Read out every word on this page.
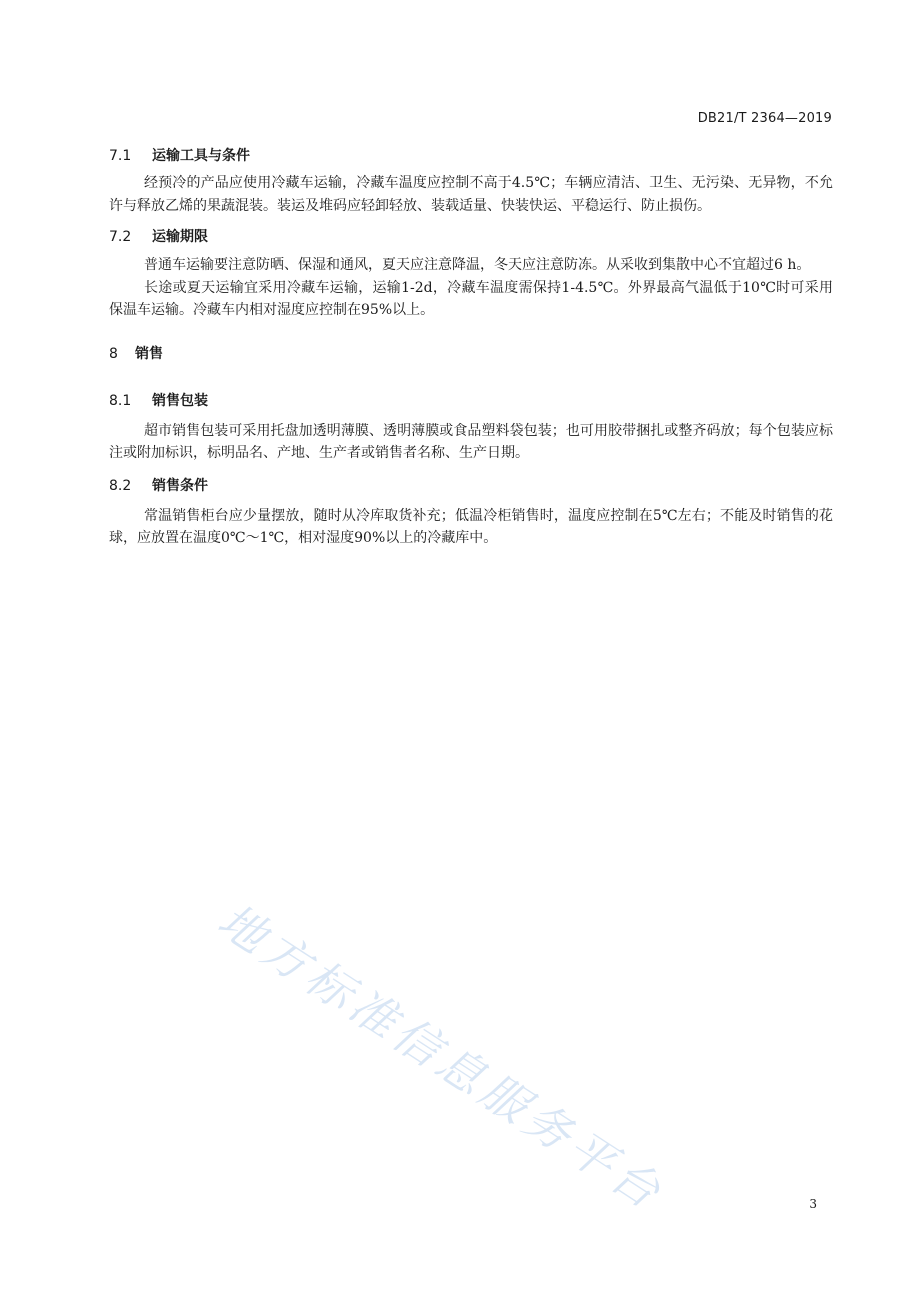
DB21/T 2364—2019
7.1	运输工具与条件

经预冷的产品应使用冷藏车运输，冷藏车温度应控制不高于4.5℃；车辆应清洁、卫生、无污染、无异物，不允许与释放乙烯的果蔬混装。装运及堆码应轻卸轻放、装载适量、快装快运、平稳运行、防止损伤。

7.2	运输期限

普通车运输要注意防晒、保湿和通风，夏天应注意降温，冬天应注意防冻。从采收到集散中心不宜超过6 h。

长途或夏天运输宜采用冷藏车运输，运输1-2d，冷藏车温度需保持1-4.5℃。外界最高气温低于10℃时可采用保温车运输。冷藏车内相对湿度应控制在95%以上。

8	销售
8.1	销售包装

超市销售包装可采用托盘加透明薄膜、透明薄膜或食品塑料袋包装；也可用胶带捆扎或整齐码放；每个包装应标注或附加标识，标明品名、产地、生产者或销售者名称、生产日期。

8.2	销售条件

常温销售柜台应少量摆放，随时从冷库取货补充；低温冷柜销售时，温度应控制在5℃左右；不能及时销售的花球，应放置在温度0℃～1℃，相对湿度90%以上的冷藏库中。

地方标准信息服务平台	3
